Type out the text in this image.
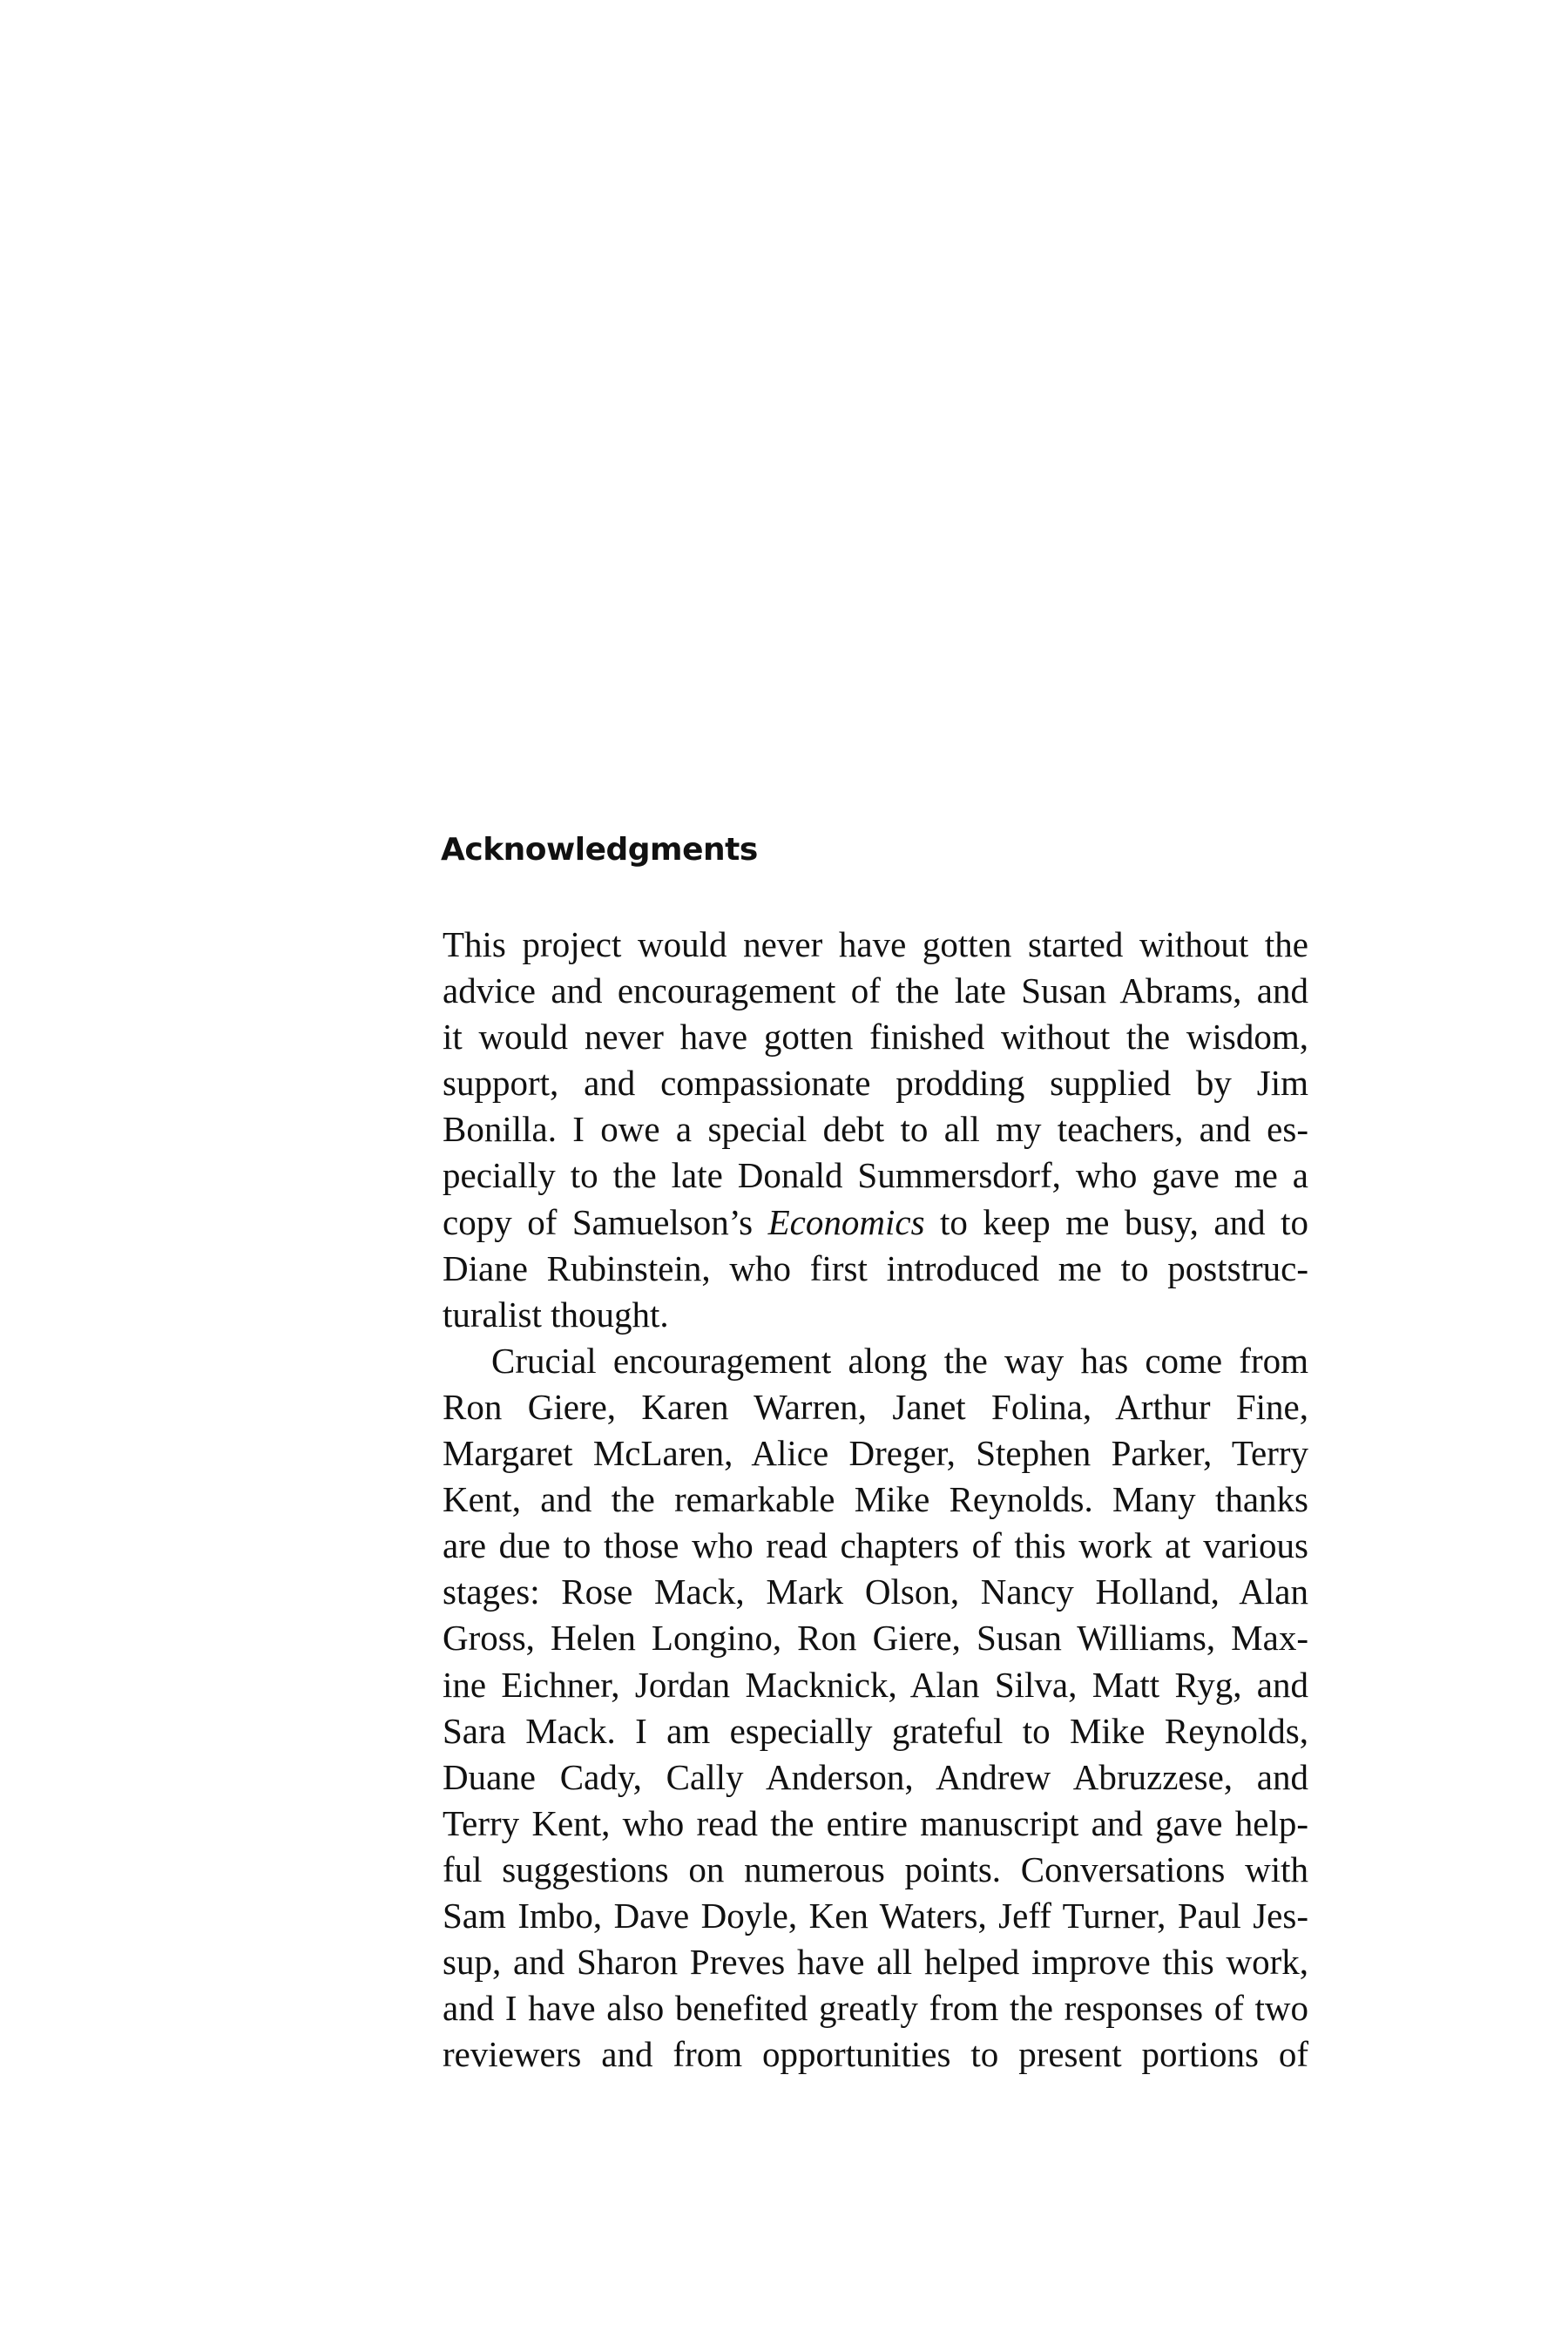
Acknowledgments

This project would never have gotten started without the
advice and encouragement of the late Susan Abrams, and
it would never have gotten finished without the wisdom,
support, and compassionate prodding supplied by Jim
Bonilla. I owe a special debt to all my teachers, and es-
pecially to the late Donald Summersdorf, who gave me a
copy of Samuelson’s Economics to keep me busy, and to
Diane Rubinstein, who first introduced me to poststruc-
turalist thought.

Crucial encouragement along the way has come from
Ron Giere, Karen Warren, Janet Folina, Arthur Fine,
Margaret McLaren, Alice Dreger, Stephen Parker, Terry
Kent, and the remarkable Mike Reynolds. Many thanks
are due to those who read chapters of this work at various
stages: Rose Mack, Mark Olson, Nancy Holland, Alan
Gross, Helen Longino, Ron Giere, Susan Williams, Max-
ine Eichner, Jordan Macknick, Alan Silva, Matt Ryg, and
Sara Mack. I am especially grateful to Mike Reynolds,
Duane Cady, Cally Anderson, Andrew Abruzzese, and
Terry Kent, who read the entire manuscript and gave help-
ful suggestions on numerous points. Conversations with
Sam Imbo, Dave Doyle, Ken Waters, Jeff Turner, Paul Jes-
sup, and Sharon Preves have all helped improve this work,
and I have also benefited greatly from the responses of two
reviewers and from opportunities to present portions of
